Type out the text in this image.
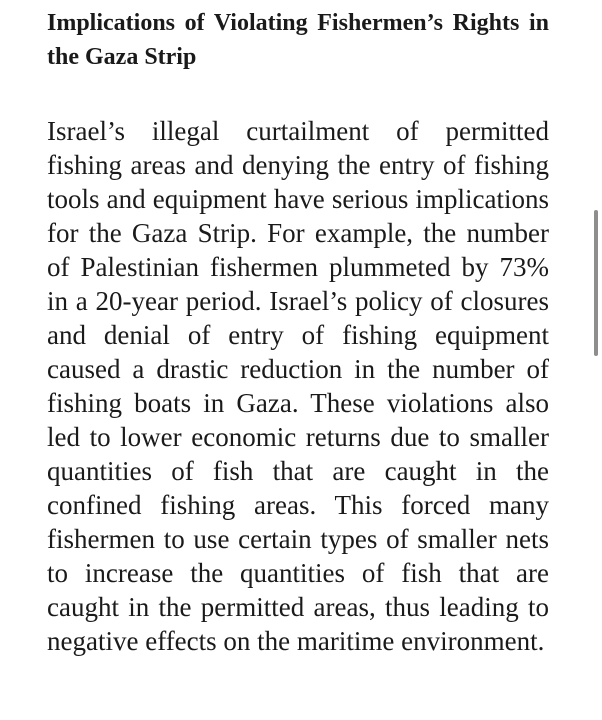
Implications of Violating Fishermen’s Rights in the Gaza Strip

Israel’s illegal curtailment of permitted fishing areas and denying the entry of fishing tools and equipment have serious implications for the Gaza Strip. For example, the number of Palestinian fishermen plummeted by 73% in a 20-year period. Israel’s policy of closures and denial of entry of fishing equipment caused a drastic reduction in the number of fishing boats in Gaza. These violations also led to lower economic returns due to smaller quantities of fish that are caught in the confined fishing areas. This forced many fishermen to use certain types of smaller nets to increase the quantities of fish that are caught in the permitted areas, thus leading to negative effects on the maritime environment.
